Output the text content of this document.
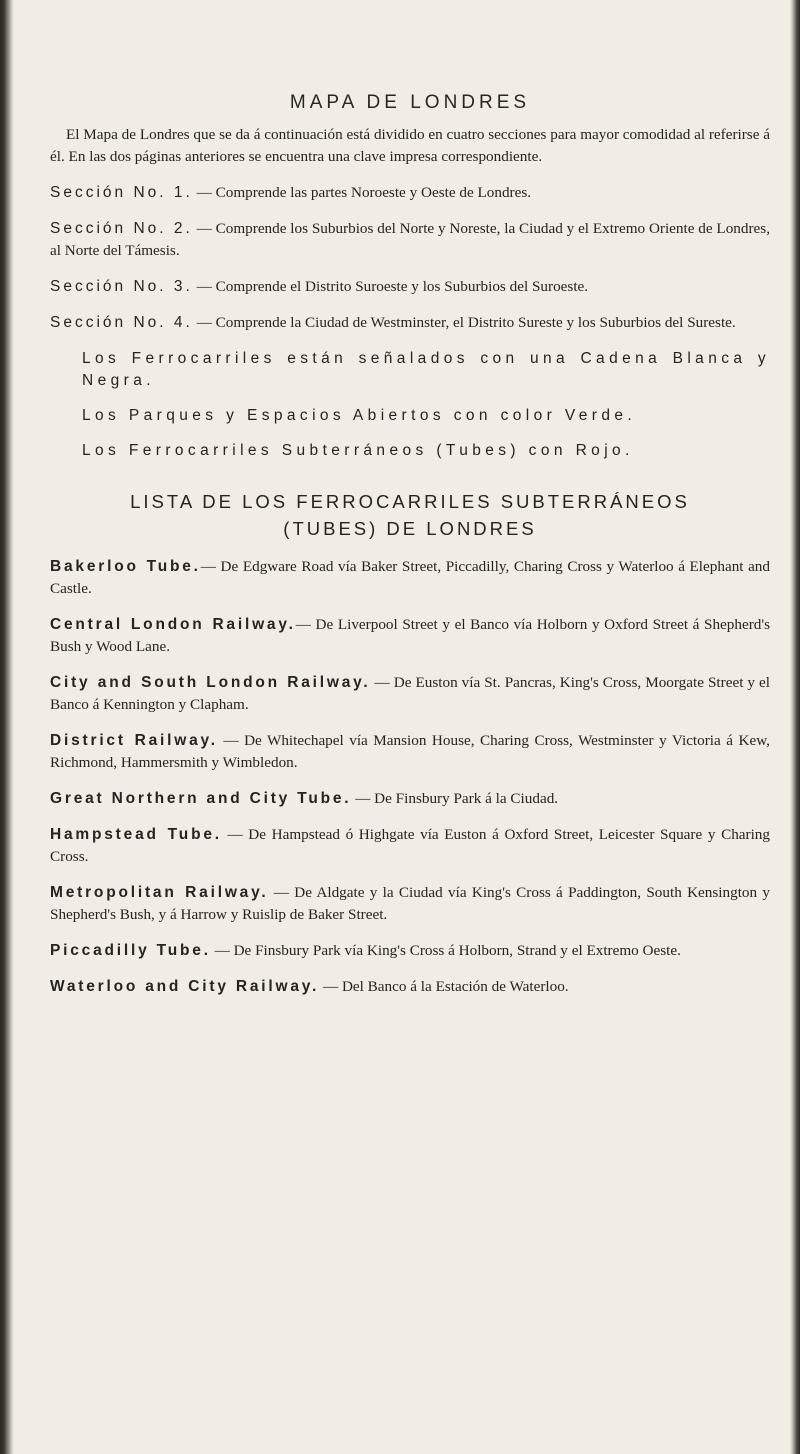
MAPA DE LONDRES

El Mapa de Londres que se da á continuación está dividido en cuatro secciones para mayor comodidad al referirse á él. En las dos páginas anteriores se encuentra una clave impresa correspondiente.

Sección No. 1. — Comprende las partes Noroeste y Oeste de Londres.

Sección No. 2. — Comprende los Suburbios del Norte y Noreste, la Ciudad y el Extremo Oriente de Londres, al Norte del Támesis.

Sección No. 3. — Comprende el Distrito Suroeste y los Suburbios del Suroeste.

Sección No. 4. — Comprende la Ciudad de Westminster, el Distrito Sureste y los Suburbios del Sureste.

Los Ferrocarriles están señalados con una Cadena Blanca y Negra.

Los Parques y Espacios Abiertos con color Verde.

Los Ferrocarriles Subterráneos (Tubes) con Rojo.

LISTA DE LOS FERROCARRILES SUBTERRÁNEOS
(TUBES) DE LONDRES

Bakerloo Tube.— De Edgware Road vía Baker Street, Piccadilly, Charing Cross y Waterloo á Elephant and Castle.

Central London Railway.— De Liverpool Street y el Banco vía Holborn y Oxford Street á Shepherd's Bush y Wood Lane.

City and South London Railway. — De Euston vía St. Pancras, King's Cross, Moorgate Street y el Banco á Kennington y Clapham.

District Railway. — De Whitechapel vía Mansion House, Charing Cross, Westminster y Victoria á Kew, Richmond, Hammersmith y Wimbledon.

Great Northern and City Tube. — De Finsbury Park á la Ciudad.

Hampstead Tube. — De Hampstead ó Highgate vía Euston á Oxford Street, Leicester Square y Charing Cross.

Metropolitan Railway. — De Aldgate y la Ciudad vía King's Cross á Paddington, South Kensington y Shepherd's Bush, y á Harrow y Ruislip de Baker Street.

Piccadilly Tube. — De Finsbury Park vía King's Cross á Holborn, Strand y el Extremo Oeste.

Waterloo and City Railway. — Del Banco á la Estación de Waterloo.
